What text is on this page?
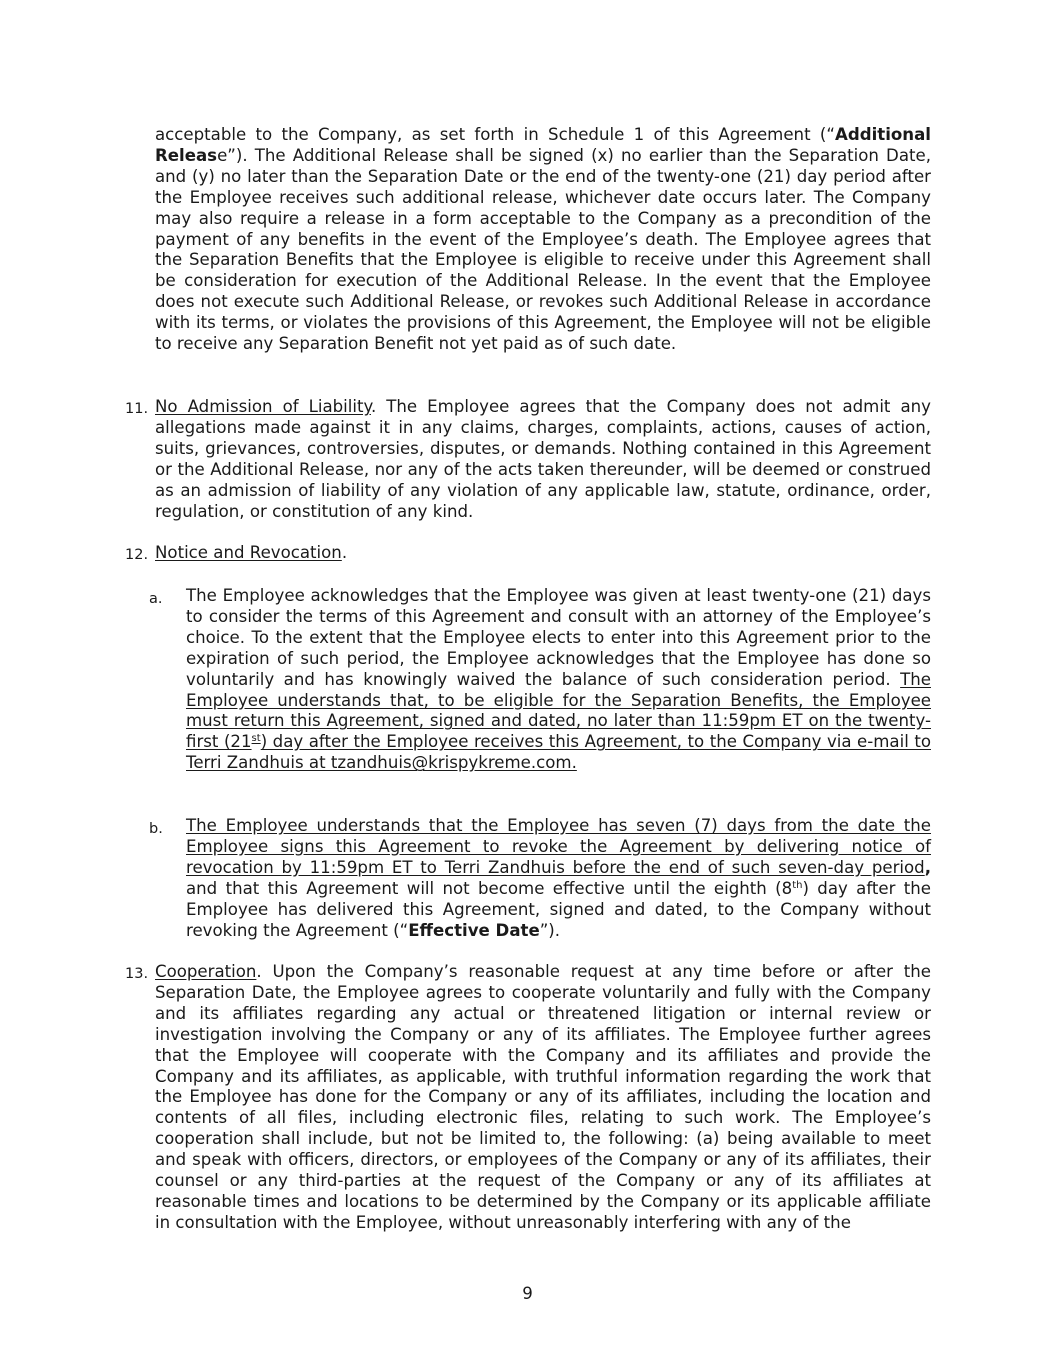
acceptable to the Company, as set forth in Schedule 1 of this Agreement (“Additional Release”). The Additional Release shall be signed (x) no earlier than the Separation Date, and (y) no later than the Separation Date or the end of the twenty-one (21) day period after the Employee receives such additional release, whichever date occurs later. The Company may also require a release in a form acceptable to the Company as a precondition of the payment of any benefits in the event of the Employee’s death. The Employee agrees that the Separation Benefits that the Employee is eligible to receive under this Agreement shall be consideration for execution of the Additional Release. In the event that the Employee does not execute such Additional Release, or revokes such Additional Release in accordance with its terms, or violates the provisions of this Agreement, the Employee will not be eligible to receive any Separation Benefit not yet paid as of such date.

11. No Admission of Liability. The Employee agrees that the Company does not admit any allegations made against it in any claims, charges, complaints, actions, causes of action, suits, grievances, controversies, disputes, or demands. Nothing contained in this Agreement or the Additional Release, nor any of the acts taken thereunder, will be deemed or construed as an admission of liability of any violation of any applicable law, statute, ordinance, order, regulation, or constitution of any kind.

12. Notice and Revocation.

a. The Employee acknowledges that the Employee was given at least twenty-one (21) days to consider the terms of this Agreement and consult with an attorney of the Employee’s choice. To the extent that the Employee elects to enter into this Agreement prior to the expiration of such period, the Employee acknowledges that the Employee has done so voluntarily and has knowingly waived the balance of such consideration period. The Employee understands that, to be eligible for the Separation Benefits, the Employee must return this Agreement, signed and dated, no later than 11:59pm ET on the twenty-first (21st) day after the Employee receives this Agreement, to the Company via e-mail to Terri Zandhuis at tzandhuis@krispykreme.com.

b. The Employee understands that the Employee has seven (7) days from the date the Employee signs this Agreement to revoke the Agreement by delivering notice of revocation by 11:59pm ET to Terri Zandhuis before the end of such seven-day period, and that this Agreement will not become effective until the eighth (8th) day after the Employee has delivered this Agreement, signed and dated, to the Company without revoking the Agreement (“Effective Date”).

13. Cooperation. Upon the Company’s reasonable request at any time before or after the Separation Date, the Employee agrees to cooperate voluntarily and fully with the Company and its affiliates regarding any actual or threatened litigation or internal review or investigation involving the Company or any of its affiliates. The Employee further agrees that the Employee will cooperate with the Company and its affiliates and provide the Company and its affiliates, as applicable, with truthful information regarding the work that the Employee has done for the Company or any of its affiliates, including the location and contents of all files, including electronic files, relating to such work. The Employee’s cooperation shall include, but not be limited to, the following: (a) being available to meet and speak with officers, directors, or employees of the Company or any of its affiliates, their counsel or any third-parties at the request of the Company or any of its affiliates at reasonable times and locations to be determined by the Company or its applicable affiliate in consultation with the Employee, without unreasonably interfering with any of the

9
